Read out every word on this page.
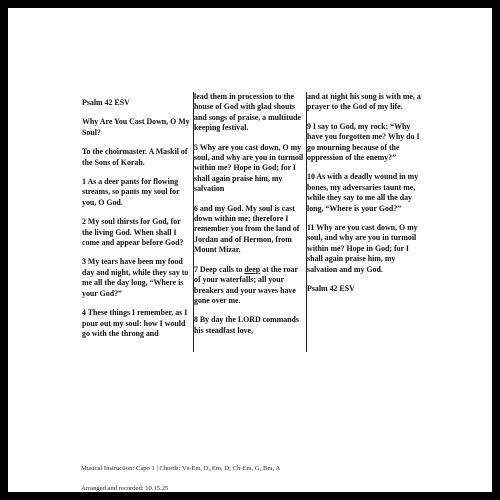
Psalm 42 ESV

Why Are You Cast Down, O My Soul?

To the choirmaster. A Maskil of the Sons of Korah.

1 As a deer pants for flowing streams, so pants my soul for you, O God.

2 My soul thirsts for God, for the living God. When shall I come and appear before God?

3 My tears have been my food day and night, while they say to me all the day long, “Where is your God?”

4 These things I remember, as I pour out my soul: how I would go with the throng and

lead them in procession to the house of God with glad shouts and songs of praise, a multitude keeping festival.

5 Why are you cast down, O my soul, and why are you in turmoil within me? Hope in God; for I shall again praise him, my salvation

6 and my God. My soul is cast down within me; therefore I remember you from the land of Jordan and of Hermon, from Mount Mizar.

7 Deep calls to deep at the roar of your waterfalls; all your breakers and your waves have gone over me.

8 By day the LORD commands his steadfast love,

and at night his song is with me, a prayer to the God of my life.

9 I say to God, my rock: “Why have you forgotten me? Why do I go mourning because of the oppression of the enemy?”

10 As with a deadly wound in my bones, my adversaries taunt me, while they say to me all the day long, “Where is your God?”

11 Why are you cast down, O my soul, and why are you in turmoil within me? Hope in God; for I shall again praise him, my salvation and my God.

Psalm 42 ESV

Musical Instruction: Capo 1 | Chords: Vs-Em, D, Em, D; Ch-Em, G, Bm, A
Arranged and recorded: 10.15.25
